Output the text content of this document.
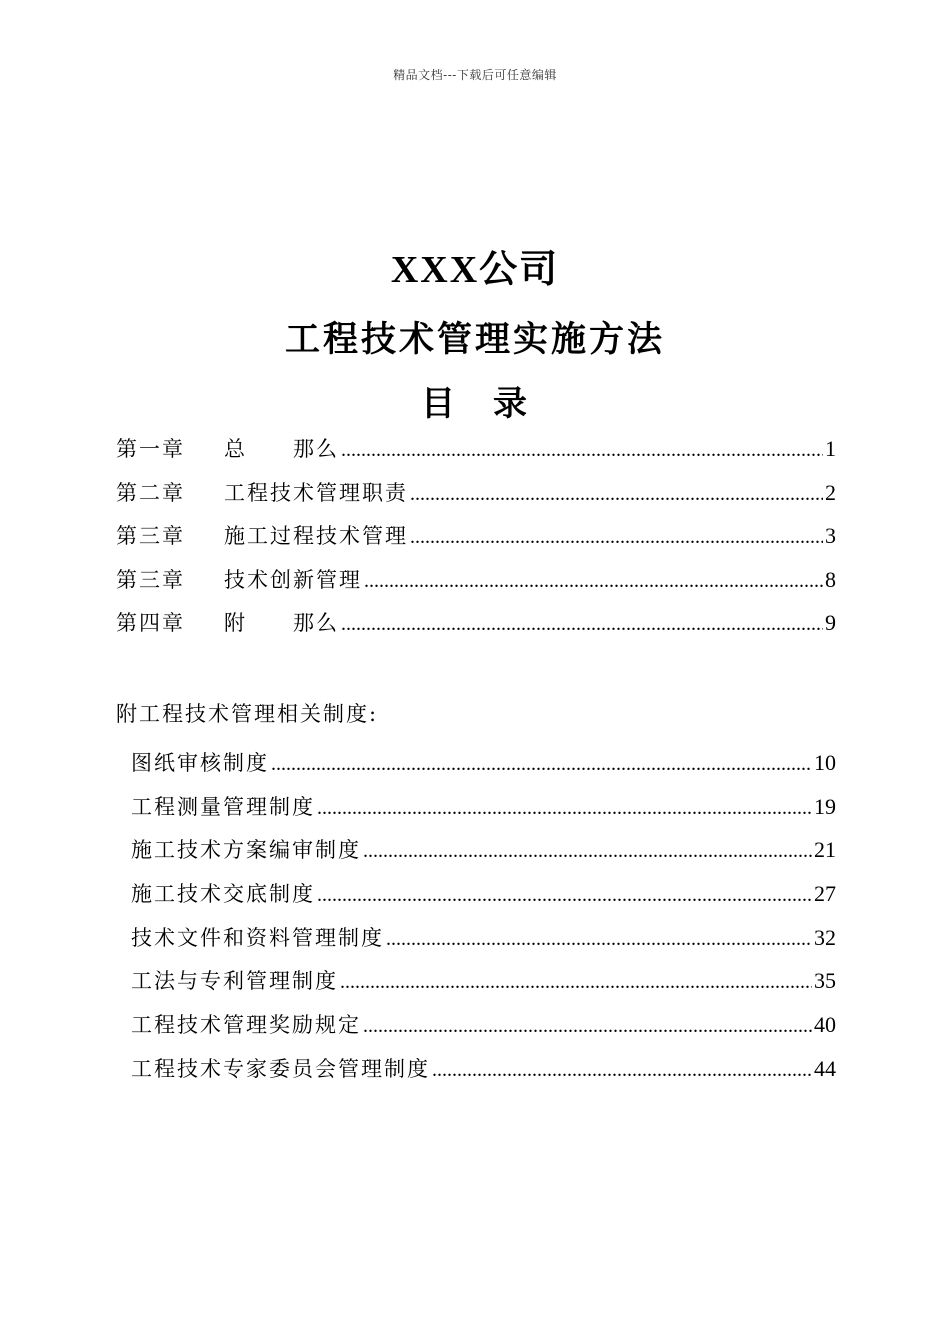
精品文档---下载后可任意编辑
XXX公司
工程技术管理实施方法
目 录
第一章	总　　那么 .....	1
第二章	工程技术管理职责 .....	2
第三章	施工过程技术管理 .....	3
第三章	技术创新管理 .....	8
第四章	附　　那么 .....	9
附工程技术管理相关制度:
图纸审核制度 .....	10
工程测量管理制度 .....	19
施工技术方案编审制度 .....	21
施工技术交底制度 .....	27
技术文件和资料管理制度 .....	32
工法与专利管理制度 .....	35
工程技术管理奖励规定 .....	40
工程技术专家委员会管理制度 .....	44
